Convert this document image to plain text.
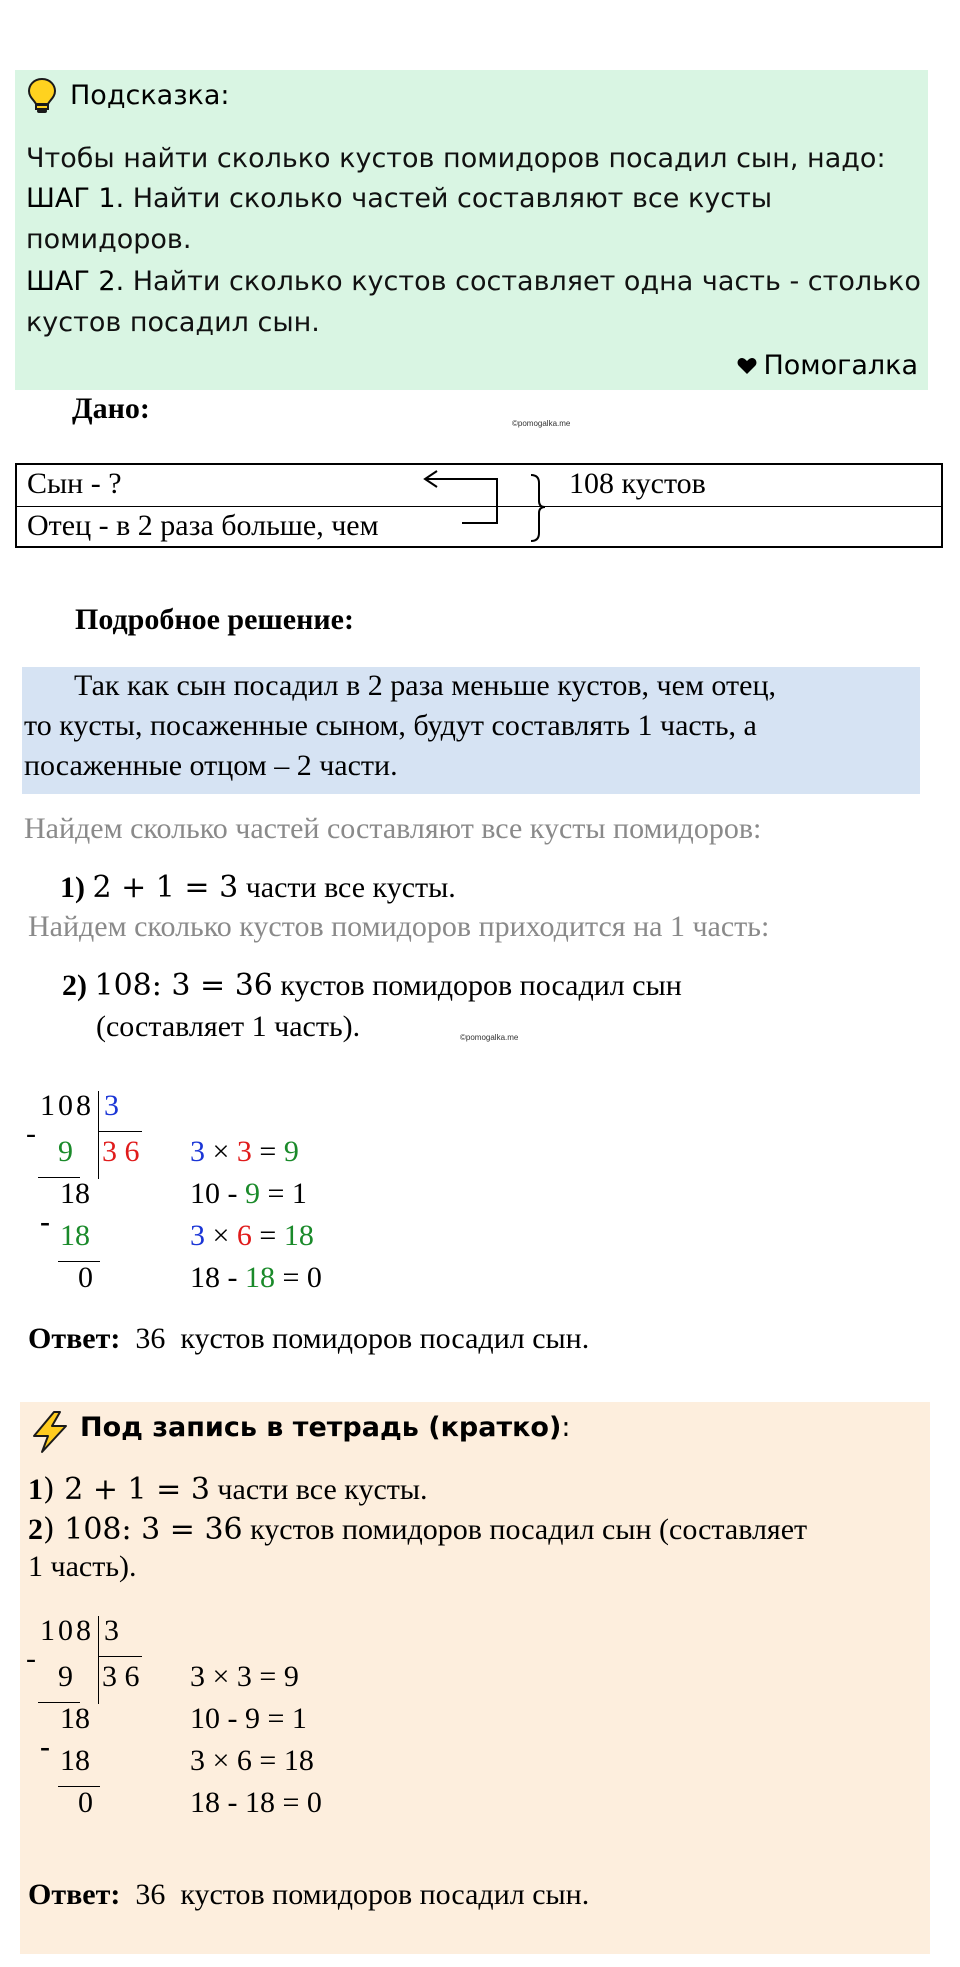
Подсказка:
Чтобы найти сколько кустов помидоров посадил сын, надо:
ШАГ 1. Найти сколько частей составляют все кусты
помидоров.
ШАГ 2. Найти сколько кустов составляет одна часть - столько
кустов посадил сын.
Помогалка
Дано:	©pomogalka.me
Сын - ?
Отец - в 2 раза больше, чем
108 кустов
Подробное решение:
Так как сын посадил в 2 раза меньше кустов, чем отец,
то кусты, посаженные сыном, будут составлять 1 часть, а
посаженные отцом – 2 части.
Найдем сколько частей составляют все кусты помидоров:
1) 2 + 1 = 3 части все кусты.
Найдем сколько кустов помидоров приходится на 1 часть:
2) 108: 3 = 36 кустов помидоров посадил сын
(составляет 1 часть).	©pomogalka.me
108 3
-
9 3 6
18
- 18
0
3 × 3 = 9
10 - 9 = 1
3 × 6 = 18
18 - 18 = 0
Ответ:  36  кустов помидоров посадил сын.
Под запись в тетрадь (кратко):
1) 2 + 1 = 3 части все кусты.
2) 108: 3 = 36 кустов помидоров посадил сын (составляет
1 часть).
108 3
-
9 3 6
18
- 18
0
3 × 3 = 9
10 - 9 = 1
3 × 6 = 18
18 - 18 = 0
Ответ:  36  кустов помидоров посадил сын.
